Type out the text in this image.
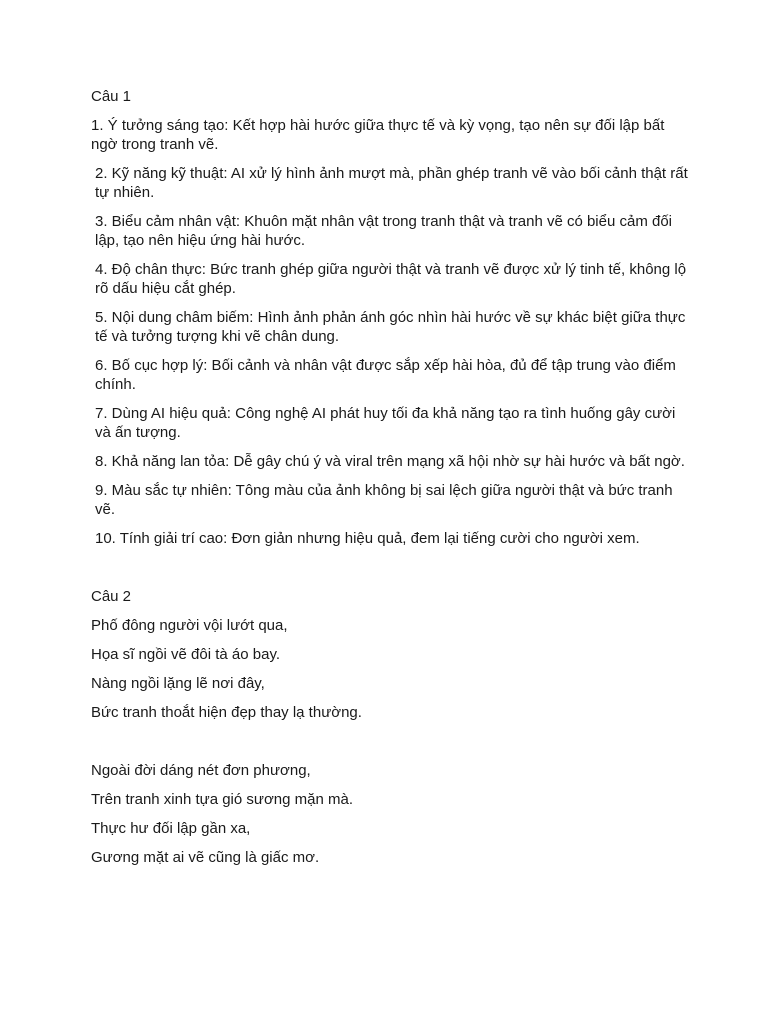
Câu 1
1. Ý tưởng sáng tạo: Kết hợp hài hước giữa thực tế và kỳ vọng, tạo nên sự đối lập bất ngờ trong tranh vẽ.
2. Kỹ năng kỹ thuật: AI xử lý hình ảnh mượt mà, phần ghép tranh vẽ vào bối cảnh thật rất tự nhiên.
3. Biểu cảm nhân vật: Khuôn mặt nhân vật trong tranh thật và tranh vẽ có biểu cảm đối lập, tạo nên hiệu ứng hài hước.
4. Độ chân thực: Bức tranh ghép giữa người thật và tranh vẽ được xử lý tinh tế, không lộ rõ dấu hiệu cắt ghép.
5. Nội dung châm biếm: Hình ảnh phản ánh góc nhìn hài hước về sự khác biệt giữa thực tế và tưởng tượng khi vẽ chân dung.
6. Bố cục hợp lý: Bối cảnh và nhân vật được sắp xếp hài hòa, đủ để tập trung vào điểm chính.
7. Dùng AI hiệu quả: Công nghệ AI phát huy tối đa khả năng tạo ra tình huống gây cười và ấn tượng.
8. Khả năng lan tỏa: Dễ gây chú ý và viral trên mạng xã hội nhờ sự hài hước và bất ngờ.
9. Màu sắc tự nhiên: Tông màu của ảnh không bị sai lệch giữa người thật và bức tranh vẽ.
10. Tính giải trí cao: Đơn giản nhưng hiệu quả, đem lại tiếng cười cho người xem.
Câu 2
Phố đông người vội lướt qua,
Họa sĩ ngồi vẽ đôi tà áo bay.
Nàng ngồi lặng lẽ nơi đây,
Bức tranh thoắt hiện đẹp thay lạ thường.
Ngoài đời dáng nét đơn phương,
Trên tranh xinh tựa gió sương mặn mà.
Thực hư đối lập gần xa,
Gương mặt ai vẽ cũng là giấc mơ.
